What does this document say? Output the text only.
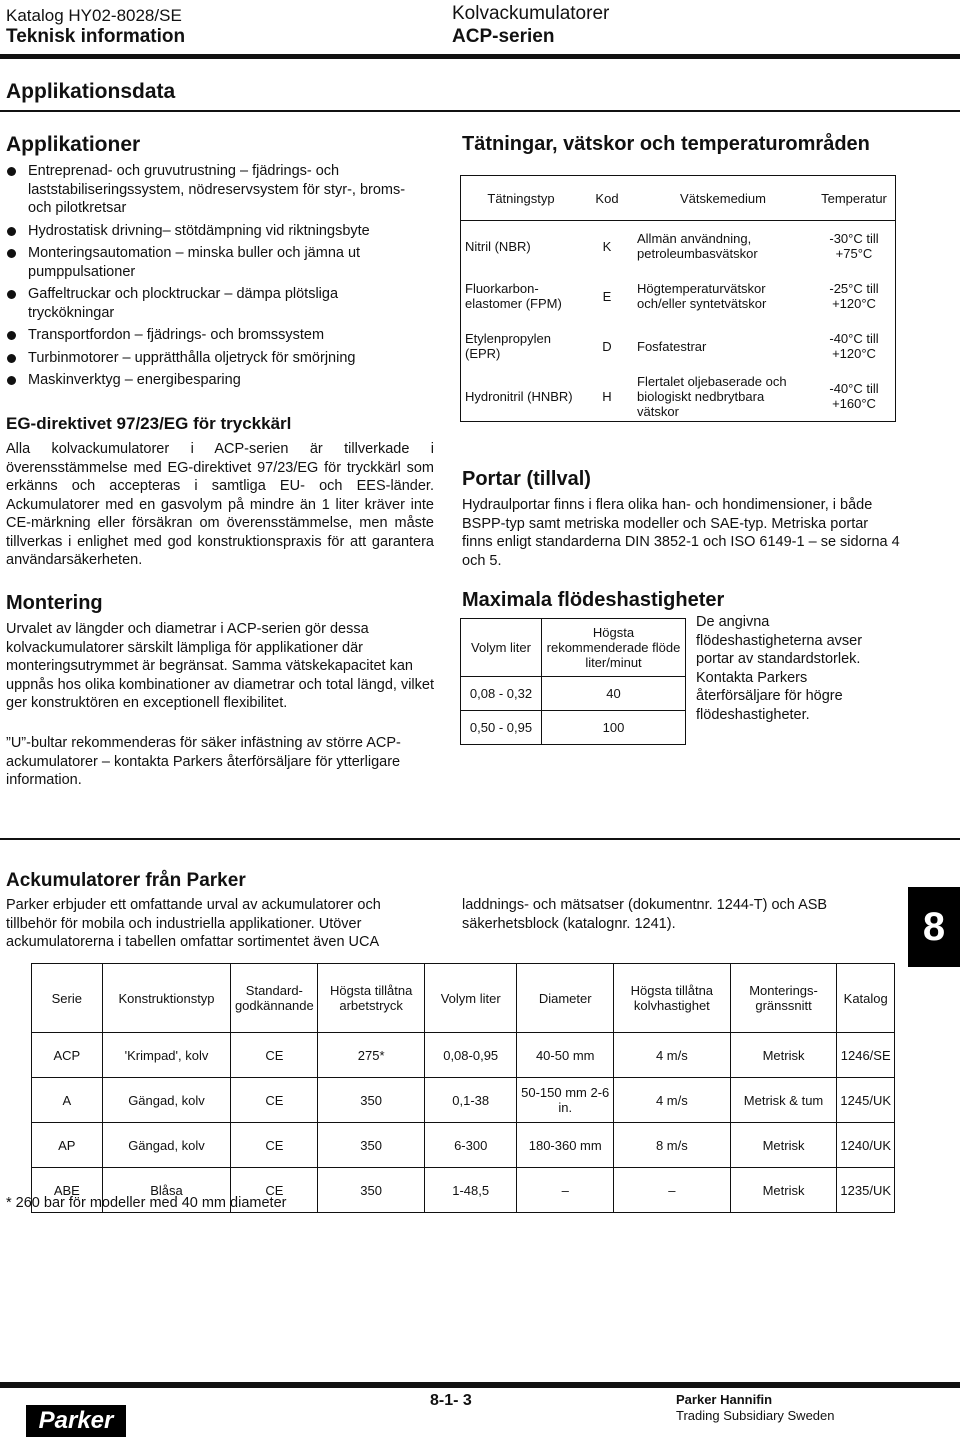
Katalog HY02-8028/SE
Teknisk information
Kolvackumulatorer
ACP-serien
Applikationsdata
Applikationer
Entreprenad- och gruvutrustning – fjädrings- och laststabiliseringssystem, nödreservsystem för styr-, broms- och pilotkretsar
Hydrostatisk drivning– stötdämpning vid riktningsbyte
Monteringsautomation – minska buller och jämna ut pumppulsationer
Gaffeltruckar och plocktruckar – dämpa plötsliga tryckökningar
Transportfordon – fjädrings- och bromssystem
Turbinmotorer – upprätthålla oljetryck för smörjning
Maskinverktyg – energibesparing
EG-direktivet 97/23/EG för tryckkärl
Alla kolvackumulatorer i ACP-serien är tillverkade i överensstämmelse med EG-direktivet 97/23/EG för tryckkärl som erkänns och accepteras i samtliga EU- och EES-länder. Ackumulatorer med en gasvolym på mindre än 1 liter kräver inte CE-märkning eller försäkran om överensstämmelse, men måste tillverkas i enlighet med god konstruktionspraxis för att garantera användarsäkerheten.
Montering
Urvalet av längder och diametrar i ACP-serien gör dessa kolvackumulatorer särskilt lämpliga för applikationer där monteringsutrymmet är begränsat. Samma vätskekapacitet kan uppnås hos olika kombinationer av diametrar och total längd, vilket ger konstruktören en exceptionell flexibilitet.
”U”-bultar rekommenderas för säker infästning av större ACP-ackumulatorer – kontakta Parkers återförsäljare för ytterligare information.
Tätningar, vätskor och temperaturområden
Tätningstyp	Kod	Vätskemedium	Temperatur
Nitril (NBR)	K	Allmän användning, petroleumbasvätskor	-30°C till +75°C
Fluorkarbon-elastomer (FPM)	E	Högtemperaturvätskor och/eller syntetvätskor	-25°C till +120°C
Etylenpropylen (EPR)	D	Fosfatestrar	-40°C till +120°C
Hydronitril (HNBR)	H	Flertalet oljebaserade och biologiskt nedbrytbara vätskor	-40°C till +160°C
Portar (tillval)
Hydraulportar finns i flera olika han- och hondimensioner, i både BSPP-typ samt metriska modeller och SAE-typ. Metriska portar finns enligt standarderna DIN 3852-1 och ISO 6149-1 – se sidorna 4 och 5.
Maximala flödeshastigheter
Volym liter	Högsta rekommenderade flöde liter/minut
0,08 - 0,32	40
0,50 - 0,95	100
De angivna flödeshastigheterna avser portar av standardstorlek. Kontakta Parkers återförsäljare för högre flödeshastigheter.
Ackumulatorer från Parker
Parker erbjuder ett omfattande urval av ackumulatorer och tillbehör för mobila och industriella applikationer. Utöver ackumulatorerna i tabellen omfattar sortimentet även UCA
laddnings- och mätsatser (dokumentnr. 1244-T) och ASB säkerhetsblock (katalognr. 1241).	8
Serie	Konstruktionstyp	Standard-godkännande	Högsta tillåtna arbetstryck	Volym liter	Diameter	Högsta tillåtna kolvhastighet	Monterings-gränssnitt	Katalog
ACP	'Krimpad', kolv	CE	275*	0,08-0,95	40-50 mm	4 m/s	Metrisk	1246/SE
A	Gängad, kolv	CE	350	0,1-38	50-150 mm 2-6 in.	4 m/s	Metrisk & tum	1245/UK
AP	Gängad, kolv	CE	350	6-300	180-360 mm	8 m/s	Metrisk	1240/UK
ABE	Blåsa	CE	350	1-48,5	–	–	Metrisk	1235/UK
* 260 bar för modeller med 40 mm diameter
Parker
8-1- 3	Parker Hannifin
Trading Subsidiary Sweden
